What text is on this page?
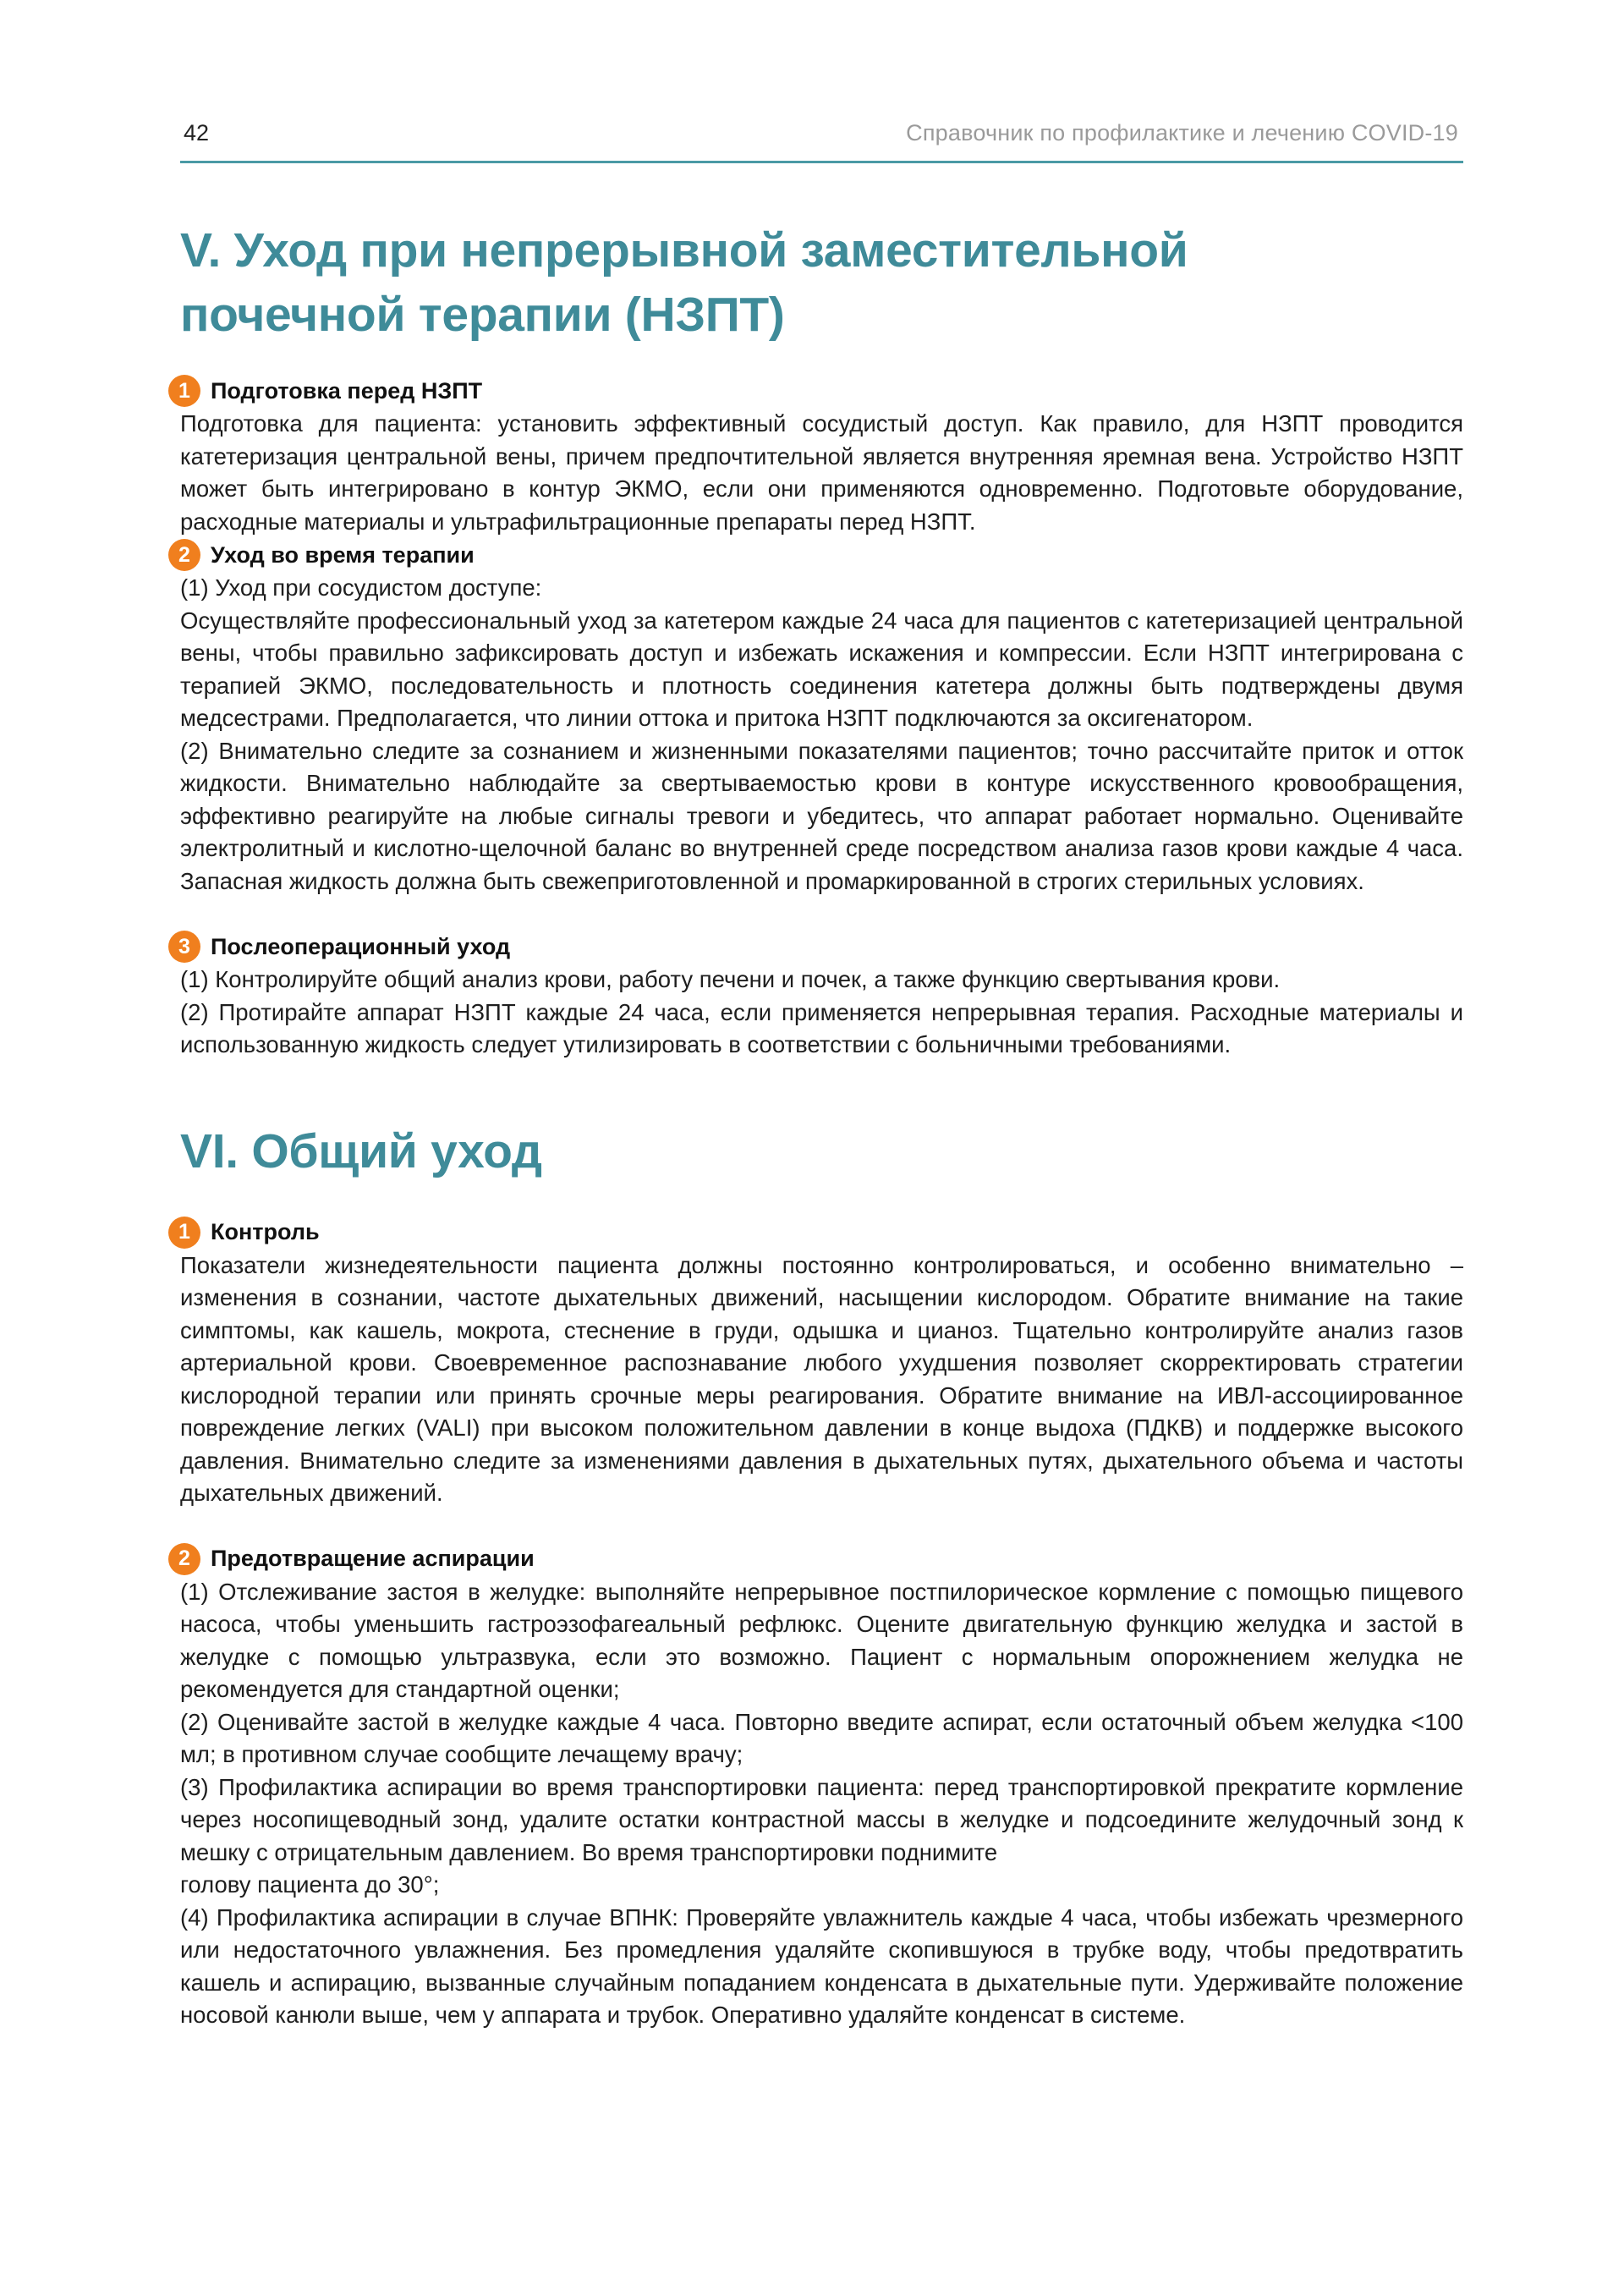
42	Справочник по профилактике и лечению COVID-19
V. Уход при непрерывной заместительной
почечной терапии (НЗПТ)
1 Подготовка перед НЗПТ

Подготовка для пациента: установить эффективный сосудистый доступ. Как правило, для НЗПТ проводится катетеризация центральной вены, причем предпочтительной является внутренняя яремная вена. Устройство НЗПТ может быть интегрировано в контур ЭКМО, если они применяются одновременно. Подготовьте оборудование, расходные материалы и ультрафильтрационные препараты перед НЗПТ.

2 Уход во время терапии

(1) Уход при сосудистом доступе:

Осуществляйте профессиональный уход за катетером каждые 24 часа для пациентов с катетеризацией центральной вены, чтобы правильно зафиксировать доступ и избежать искажения и компрессии. Если НЗПТ интегрирована с терапией ЭКМО, последовательность и плотность соединения катетера должны быть подтверждены двумя медсестрами. Предполагается, что линии оттока и притока НЗПТ подключаются за оксигенатором.

(2) Внимательно следите за сознанием и жизненными показателями пациентов; точно рассчитайте приток и отток жидкости. Внимательно наблюдайте за свертываемостью крови в контуре искусственного кровообращения, эффективно реагируйте на любые сигналы тревоги и убедитесь, что аппарат работает нормально. Оценивайте электролитный и кислотно-щелочной баланс во внутренней среде посредством анализа газов крови каждые 4 часа. Запасная жидкость должна быть свежеприготовленной и промаркированной в строгих стерильных условиях.

3 Послеоперационный уход

(1) Контролируйте общий анализ крови, работу печени и почек, а также функцию свертывания крови.

(2) Протирайте аппарат НЗПТ каждые 24 часа, если применяется непрерывная терапия. Расходные материалы и использованную жидкость следует утилизировать в соответствии с больничными требованиями.

VI. Общий уход
1 Контроль

Показатели жизнедеятельности пациента должны постоянно контролироваться, и особенно внимательно – изменения в сознании, частоте дыхательных движений, насыщении кислородом. Обратите внимание на такие симптомы, как кашель, мокрота, стеснение в груди, одышка и цианоз. Тщательно контролируйте анализ газов артериальной крови. Своевременное распознавание любого ухудшения позволяет скорректировать стратегии кислородной терапии или принять срочные меры реагирования. Обратите внимание на ИВЛ-ассоциированное повреждение легких (VALI) при высоком положительном давлении в конце выдоха (ПДКВ) и поддержке высокого давления. Внимательно следите за изменениями давления в дыхательных путях, дыхательного объема и частоты дыхательных движений.

2 Предотвращение аспирации

(1) Отслеживание застоя в желудке: выполняйте непрерывное постпилорическое кормление с помощью пищевого насоса, чтобы уменьшить гастроэзофагеальный рефлюкс. Оцените двигательную функцию желудка и застой в желудке с помощью ультразвука, если это возможно. Пациент с нормальным опорожнением желудка не рекомендуется для стандартной оценки;

(2) Оценивайте застой в желудке каждые 4 часа. Повторно введите аспират, если остаточный объем желудка <100 мл; в противном случае сообщите лечащему врачу;

(3) Профилактика аспирации во время транспортировки пациента: перед транспортировкой прекратите кормление через носопищеводный зонд, удалите остатки контрастной массы в желудке и подсоедините желудочный зонд к мешку с отрицательным давлением. Во время транспортировки поднимите

голову пациента до 30°;

(4) Профилактика аспирации в случае ВПНК: Проверяйте увлажнитель каждые 4 часа, чтобы избежать чрезмерного или недостаточного увлажнения. Без промедления удаляйте скопившуюся в трубке воду, чтобы предотвратить кашель и аспирацию, вызванные случайным попаданием конденсата в дыхательные пути. Удерживайте положение носовой канюли выше, чем у аппарата и трубок. Оперативно удаляйте конденсат в системе.
